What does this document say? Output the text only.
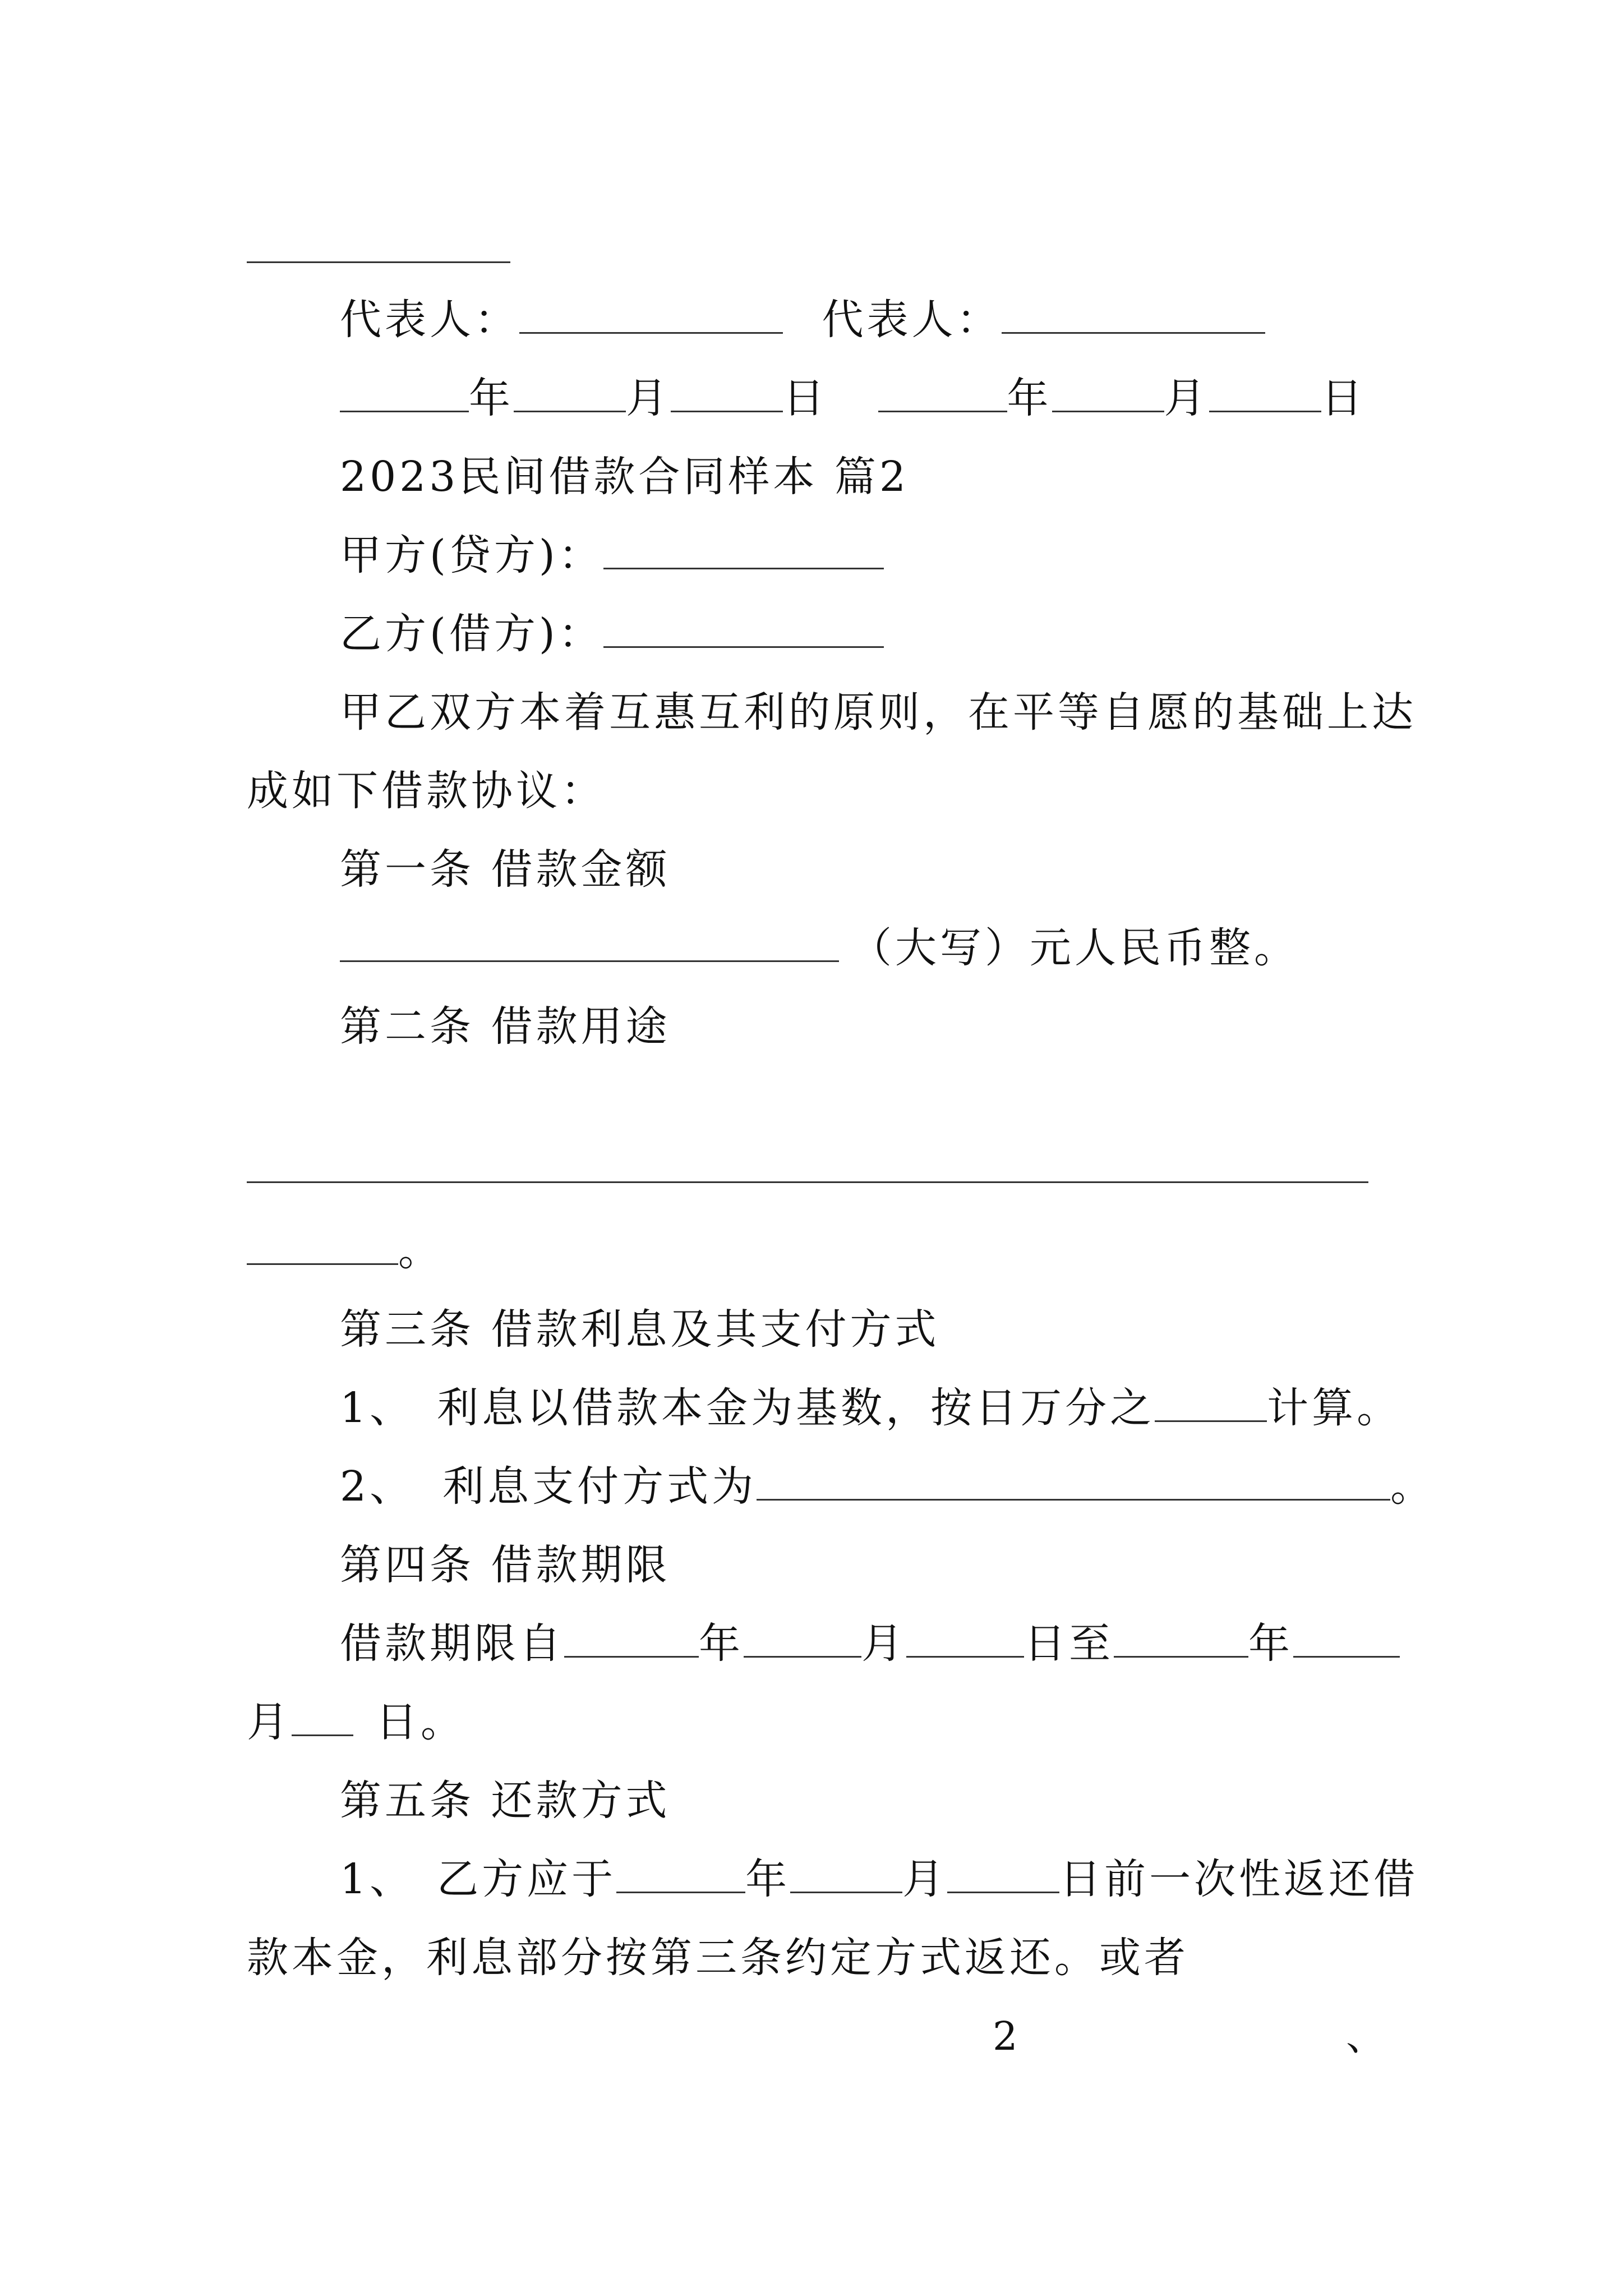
代表人：	代表人：
年	月	日	年	月	日
2023民间借款合同样本 篇2
甲方(贷方)：
乙方(借方)：
甲乙双方本着互惠互利的原则，在平等自愿的基础上达
成如下借款协议：
第一条 借款金额
（大写）元人民币整。
第二条 借款用途
。
第三条 借款利息及其支付方式
1、 利息以借款本金为基数，按日万分之	计算。
2、 利息支付方式为	。
第四条 借款期限
借款期限自	年	月	日至	年
月 日。
第五条 还款方式
1、 乙方应于	年	月	日前一次性返还借
款本金，利息部分按第三条约定方式返还。或者
2	、
